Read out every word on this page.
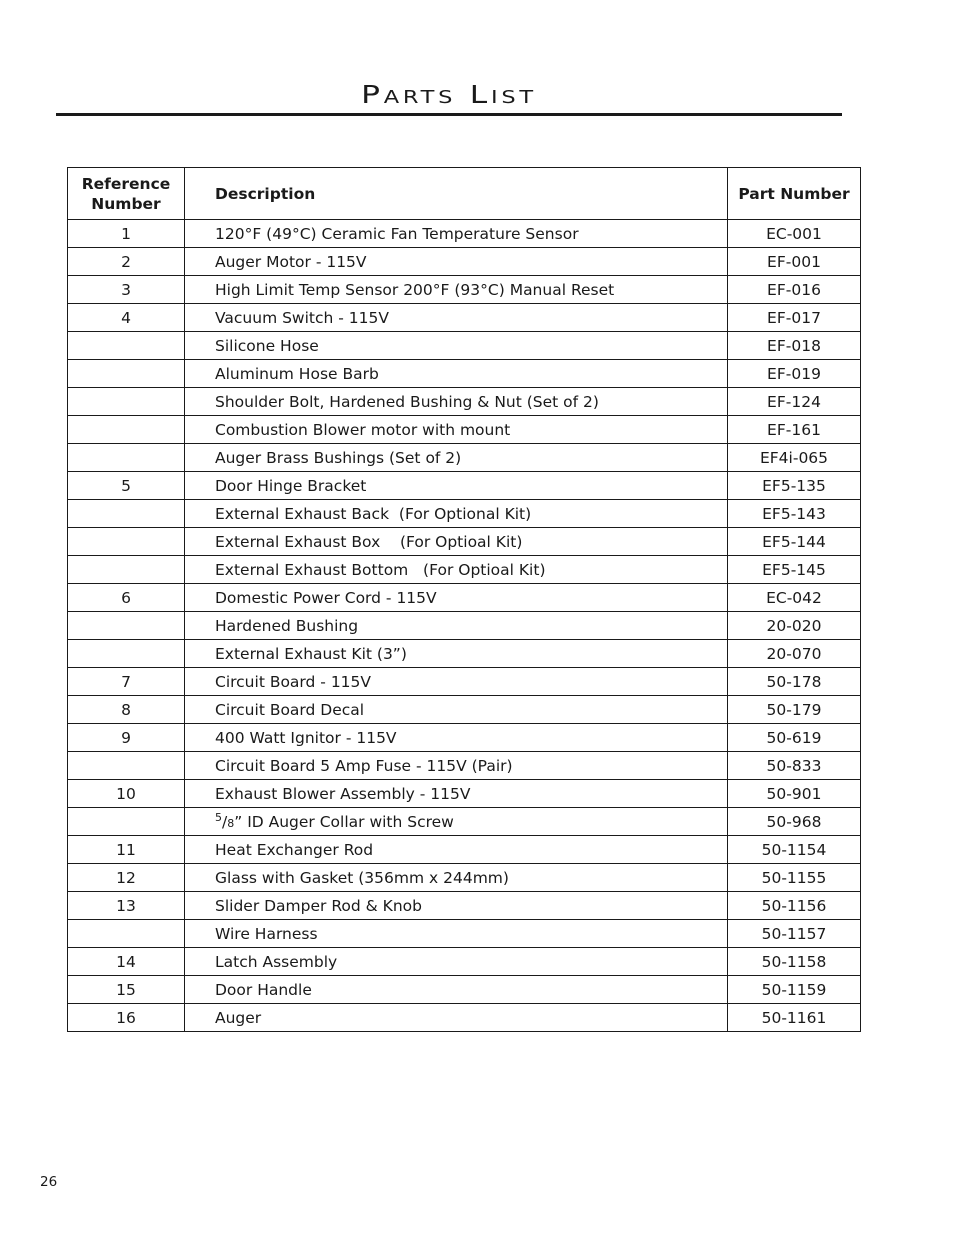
Parts List
Reference Number	Description	Part Number
1	120°F (49°C) Ceramic Fan Temperature Sensor	EC-001
2	Auger Motor - 115V	EF-001
3	High Limit Temp Sensor 200°F (93°C) Manual Reset	EF-016
4	Vacuum Switch - 115V	EF-017
	Silicone Hose	EF-018
	Aluminum Hose Barb	EF-019
	Shoulder Bolt, Hardened Bushing & Nut (Set of 2)	EF-124
	Combustion Blower motor with mount	EF-161
	Auger Brass Bushings (Set of 2)	EF4i-065
5	Door Hinge Bracket	EF5-135
	External Exhaust Back  (For Optional Kit)	EF5-143
	External Exhaust Box    (For Optioal Kit)	EF5-144
	External Exhaust Bottom   (For Optioal Kit)	EF5-145
6	Domestic Power Cord - 115V	EC-042
	Hardened Bushing	20-020
	External Exhaust Kit (3”)	20-070
7	Circuit Board - 115V	50-178
8	Circuit Board Decal	50-179
9	400 Watt Ignitor - 115V	50-619
	Circuit Board 5 Amp Fuse - 115V (Pair)	50-833
10	Exhaust Blower Assembly - 115V	50-901
	$^5$/8” ID Auger Collar with Screw	50-968
11	Heat Exchanger Rod	50-1154
12	Glass with Gasket (356mm x 244mm)	50-1155
13	Slider Damper Rod & Knob	50-1156
	Wire Harness	50-1157
14	Latch Assembly	50-1158
15	Door Handle	50-1159
16	Auger	50-1161
26
